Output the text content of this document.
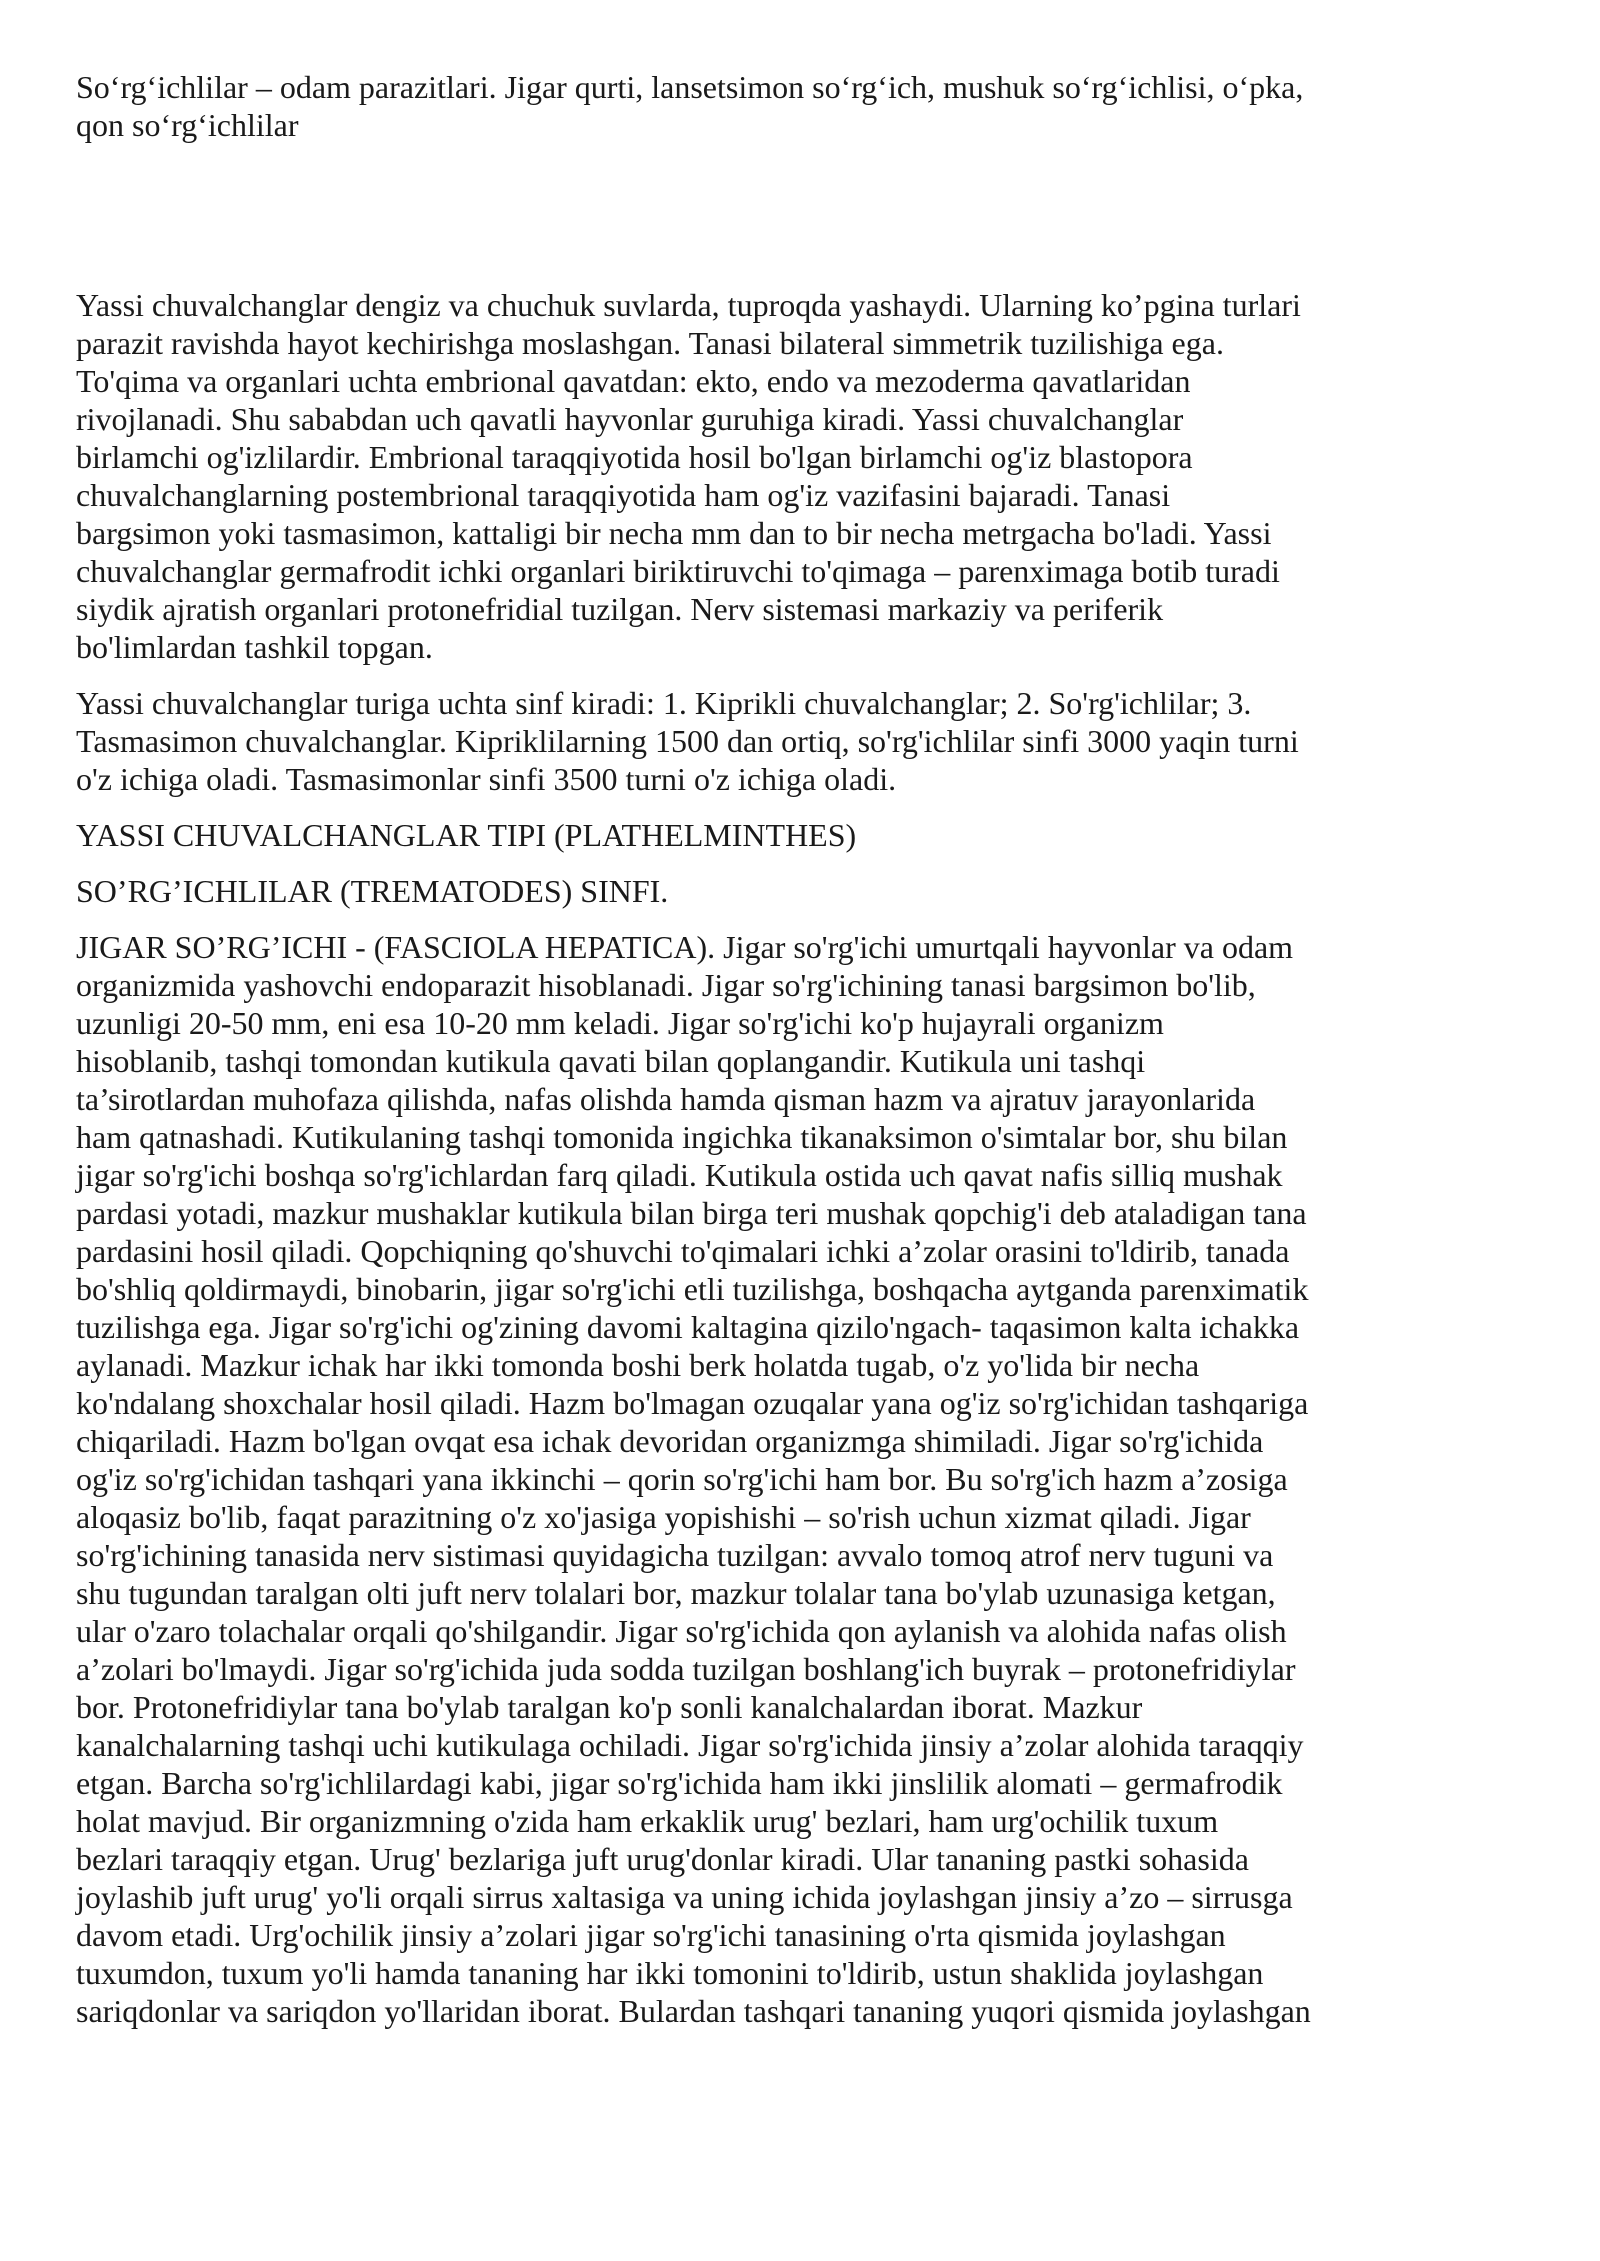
So‘rg‘ichlilar – odam parazitlari. Jigar qurti, lansetsimon so‘rg‘ich, mushuk so‘rg‘ichlisi, o‘pka,
qon so‘rg‘ichlilar

Yassi chuvalchanglar dengiz va chuchuk suvlarda, tuproqda yashaydi. Ularning ko’pgina turlari
parazit ravishda hayot kechirishga moslashgan. Tanasi bilateral simmetrik tuzilishiga ega.
To'qima va organlari uchta embrional qavatdan: ekto, endo va mezoderma qavatlaridan
rivojlanadi. Shu sababdan uch qavatli hayvonlar guruhiga kiradi. Yassi chuvalchanglar
birlamchi og'izlilardir. Embrional taraqqiyotida hosil bo'lgan birlamchi og'iz blastopora
chuvalchanglarning postembrional taraqqiyotida ham og'iz vazifasini bajaradi. Tanasi
bargsimon yoki tasmasimon, kattaligi bir necha mm dan to bir necha metrgacha bo'ladi. Yassi
chuvalchanglar germafrodit ichki organlari biriktiruvchi to'qimaga – parenximaga botib turadi
siydik ajratish organlari protonefridial tuzilgan. Nerv sistemasi markaziy va periferik
bo'limlardan tashkil topgan.

Yassi chuvalchanglar turiga uchta sinf kiradi: 1. Kiprikli chuvalchanglar; 2. So'rg'ichlilar; 3.
Tasmasimon chuvalchanglar. Kipriklilarning 1500 dan ortiq, so'rg'ichlilar sinfi 3000 yaqin turni
o'z ichiga oladi. Tasmasimonlar sinfi 3500 turni o'z ichiga oladi.

YASSI CHUVALCHANGLAR TIPI (PLATHELMINTHES)

SO’RG’ICHLILAR (TREMATODES) SINFI.

JIGAR SO’RG’ICHI - (FASCIOLA HEPATICA). Jigar so'rg'ichi umurtqali hayvonlar va odam
organizmida yashovchi endoparazit hisoblanadi. Jigar so'rg'ichining tanasi bargsimon bo'lib,
uzunligi 20-50 mm, eni esa 10-20 mm keladi. Jigar so'rg'ichi ko'p hujayrali organizm
hisoblanib, tashqi tomondan kutikula qavati bilan qoplangandir. Kutikula uni tashqi
ta’sirotlardan muhofaza qilishda, nafas olishda hamda qisman hazm va ajratuv jarayonlarida
ham qatnashadi. Kutikulaning tashqi tomonida ingichka tikanaksimon o'simtalar bor, shu bilan
jigar so'rg'ichi boshqa so'rg'ichlardan farq qiladi. Kutikula ostida uch qavat nafis silliq mushak
pardasi yotadi, mazkur mushaklar kutikula bilan birga teri mushak qopchig'i deb ataladigan tana
pardasini hosil qiladi. Qopchiqning qo'shuvchi to'qimalari ichki a’zolar orasini to'ldirib, tanada
bo'shliq qoldirmaydi, binobarin, jigar so'rg'ichi etli tuzilishga, boshqacha aytganda parenximatik
tuzilishga ega. Jigar so'rg'ichi og'zining davomi kaltagina qizilo'ngach- taqasimon kalta ichakka
aylanadi. Mazkur ichak har ikki tomonda boshi berk holatda tugab, o'z yo'lida bir necha
ko'ndalang shoxchalar hosil qiladi. Hazm bo'lmagan ozuqalar yana og'iz so'rg'ichidan tashqariga
chiqariladi. Hazm bo'lgan ovqat esa ichak devoridan organizmga shimiladi. Jigar so'rg'ichida
og'iz so'rg'ichidan tashqari yana ikkinchi – qorin so'rg'ichi ham bor. Bu so'rg'ich hazm a’zosiga
aloqasiz bo'lib, faqat parazitning o'z xo'jasiga yopishishi – so'rish uchun xizmat qiladi. Jigar
so'rg'ichining tanasida nerv sistimasi quyidagicha tuzilgan: avvalo tomoq atrof nerv tuguni va
shu tugundan taralgan olti juft nerv tolalari bor, mazkur tolalar tana bo'ylab uzunasiga ketgan,
ular o'zaro tolachalar orqali qo'shilgandir. Jigar so'rg'ichida qon aylanish va alohida nafas olish
a’zolari bo'lmaydi. Jigar so'rg'ichida juda sodda tuzilgan boshlang'ich buyrak – protonefridiylar
bor. Protonefridiylar tana bo'ylab taralgan ko'p sonli kanalchalardan iborat. Mazkur
kanalchalarning tashqi uchi kutikulaga ochiladi. Jigar so'rg'ichida jinsiy a’zolar alohida taraqqiy
etgan. Barcha so'rg'ichlilardagi kabi, jigar so'rg'ichida ham ikki jinslilik alomati – germafrodik
holat mavjud. Bir organizmning o'zida ham erkaklik urug' bezlari, ham urg'ochilik tuxum
bezlari taraqqiy etgan. Urug' bezlariga juft urug'donlar kiradi. Ular tananing pastki sohasida
joylashib juft urug' yo'li orqali sirrus xaltasiga va uning ichida joylashgan jinsiy a’zo – sirrusga
davom etadi. Urg'ochilik jinsiy a’zolari jigar so'rg'ichi tanasining o'rta qismida joylashgan
tuxumdon, tuxum yo'li hamda tananing har ikki tomonini to'ldirib, ustun shaklida joylashgan
sariqdonlar va sariqdon yo'llaridan iborat. Bulardan tashqari tananing yuqori qismida joylashgan
